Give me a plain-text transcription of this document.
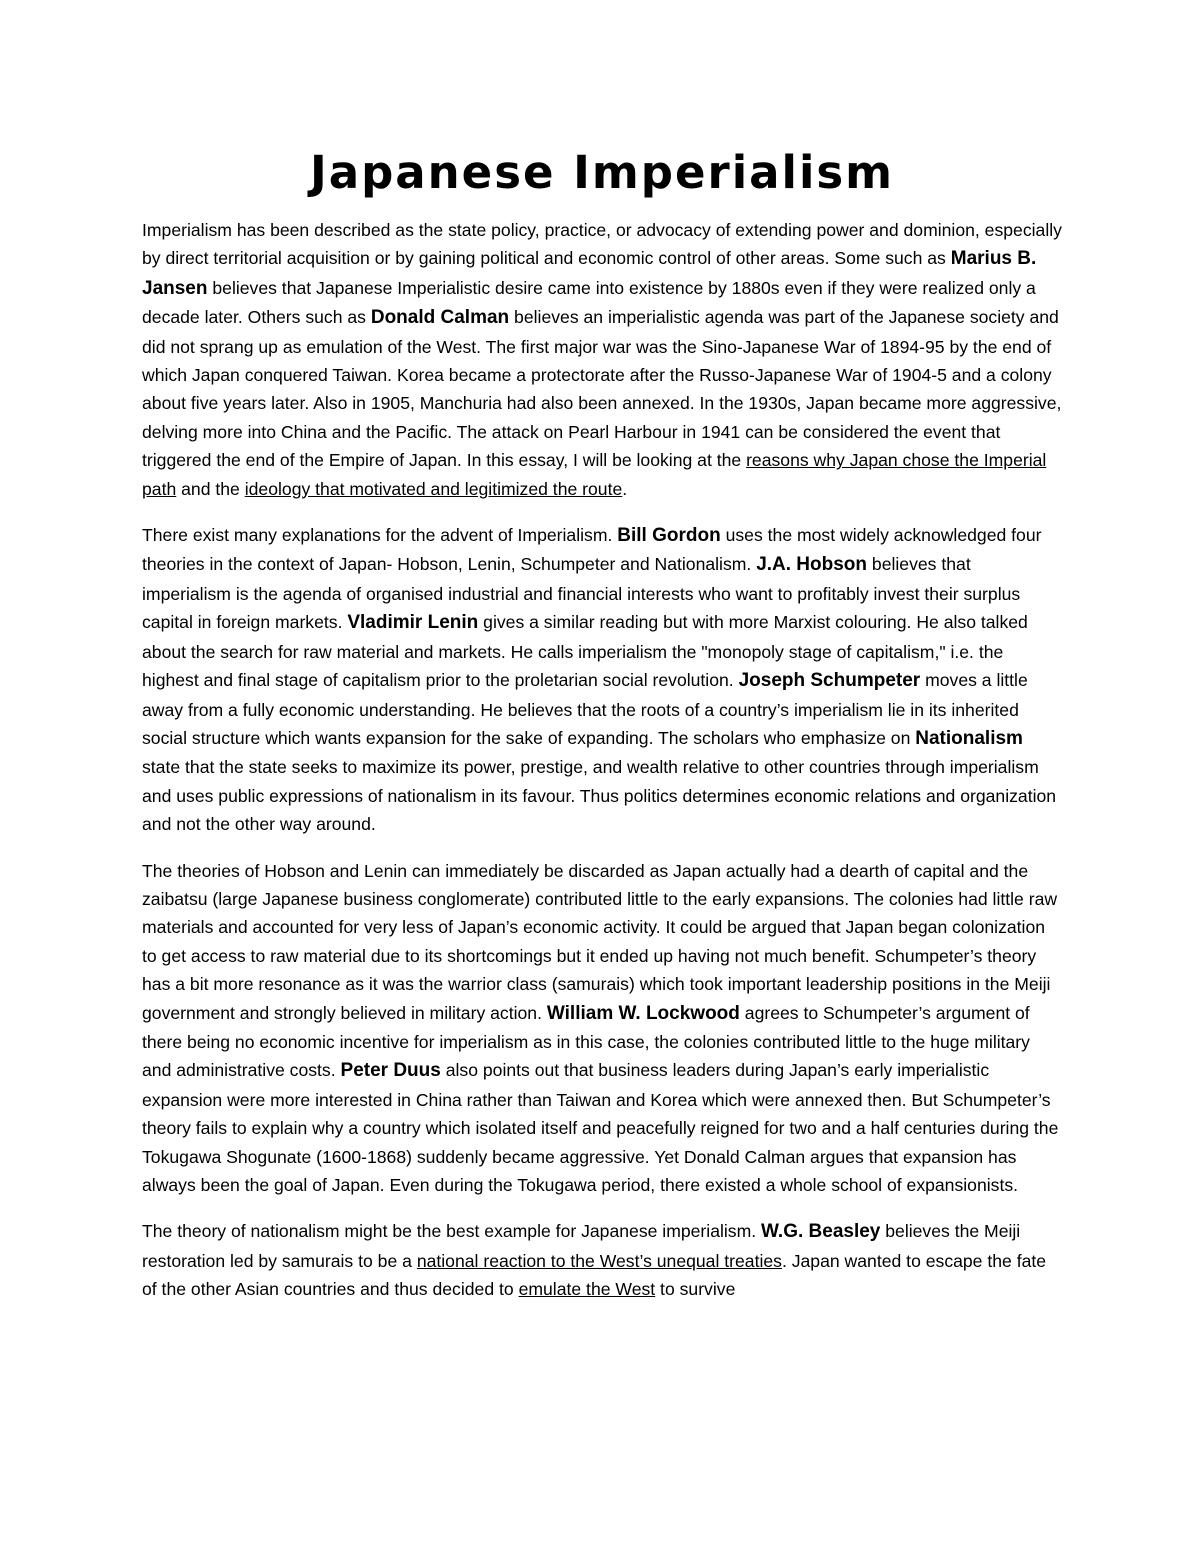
Japanese Imperialism

Imperialism has been described as the state policy, practice, or advocacy of extending power and dominion, especially by direct territorial acquisition or by gaining political and economic control of other areas. Some such as Marius B. Jansen believes that Japanese Imperialistic desire came into existence by 1880s even if they were realized only a decade later. Others such as Donald Calman believes an imperialistic agenda was part of the Japanese society and did not sprang up as emulation of the West. The first major war was the Sino-Japanese War of 1894-95 by the end of which Japan conquered Taiwan. Korea became a protectorate after the Russo-Japanese War of 1904-5 and a colony about five years later. Also in 1905, Manchuria had also been annexed. In the 1930s, Japan became more aggressive, delving more into China and the Pacific. The attack on Pearl Harbour in 1941 can be considered the event that triggered the end of the Empire of Japan. In this essay, I will be looking at the reasons why Japan chose the Imperial path and the ideology that motivated and legitimized the route.

There exist many explanations for the advent of Imperialism. Bill Gordon uses the most widely acknowledged four theories in the context of Japan- Hobson, Lenin, Schumpeter and Nationalism. J.A. Hobson believes that imperialism is the agenda of organised industrial and financial interests who want to profitably invest their surplus capital in foreign markets. Vladimir Lenin gives a similar reading but with more Marxist colouring. He also talked about the search for raw material and markets. He calls imperialism the "monopoly stage of capitalism," i.e. the highest and final stage of capitalism prior to the proletarian social revolution. Joseph Schumpeter moves a little away from a fully economic understanding. He believes that the roots of a country’s imperialism lie in its inherited social structure which wants expansion for the sake of expanding. The scholars who emphasize on Nationalism state that the state seeks to maximize its power, prestige, and wealth relative to other countries through imperialism and uses public expressions of nationalism in its favour. Thus politics determines economic relations and organization and not the other way around.

The theories of Hobson and Lenin can immediately be discarded as Japan actually had a dearth of capital and the zaibatsu (large Japanese business conglomerate) contributed little to the early expansions. The colonies had little raw materials and accounted for very less of Japan’s economic activity. It could be argued that Japan began colonization to get access to raw material due to its shortcomings but it ended up having not much benefit. Schumpeter’s theory has a bit more resonance as it was the warrior class (samurais) which took important leadership positions in the Meiji government and strongly believed in military action. William W. Lockwood agrees to Schumpeter’s argument of there being no economic incentive for imperialism as in this case, the colonies contributed little to the huge military and administrative costs. Peter Duus also points out that business leaders during Japan’s early imperialistic expansion were more interested in China rather than Taiwan and Korea which were annexed then. But Schumpeter’s theory fails to explain why a country which isolated itself and peacefully reigned for two and a half centuries during the Tokugawa Shogunate (1600-1868) suddenly became aggressive. Yet Donald Calman argues that expansion has always been the goal of Japan. Even during the Tokugawa period, there existed a whole school of expansionists.

The theory of nationalism might be the best example for Japanese imperialism. W.G. Beasley believes the Meiji restoration led by samurais to be a national reaction to the West’s unequal treaties. Japan wanted to escape the fate of the other Asian countries and thus decided to emulate the West to survive
